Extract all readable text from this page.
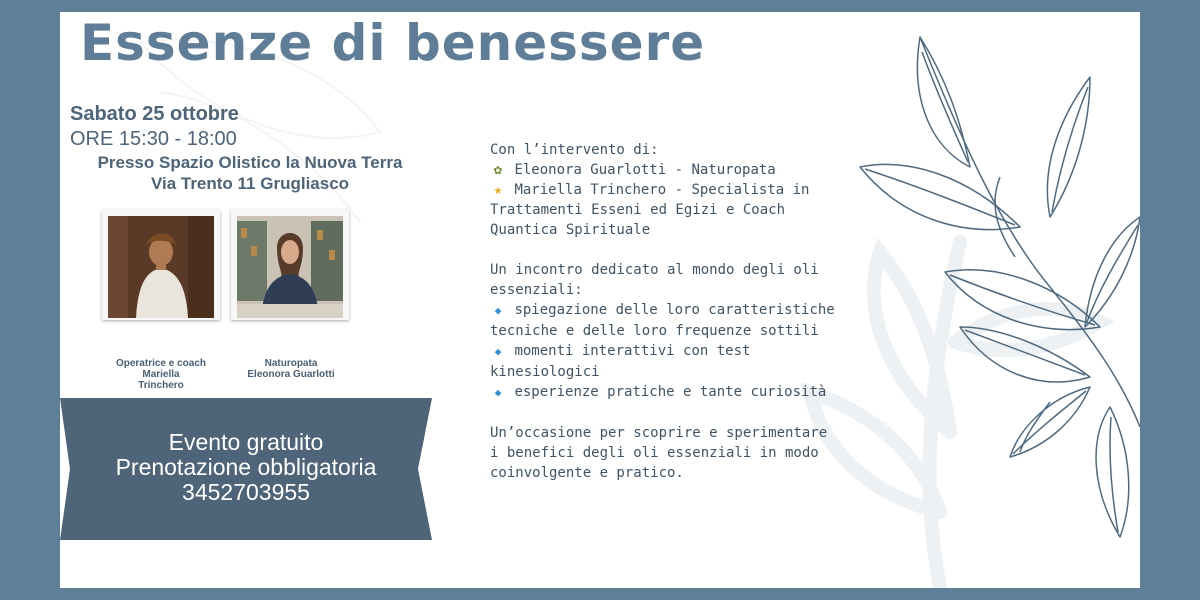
Essenze di benessere
Sabato 25 ottobre
ORE 15:30 - 18:00
Presso Spazio Olistico la Nuova Terra
Via Trento 11 Grugliasco
Operatrice e coach
Mariella
Trinchero
Naturopata
Eleonora Guarlotti
Evento gratuito
Prenotazione obbligatoria
3452703955

Con l’intervento di:

✿ Eleonora Guarlotti - Naturopata

★ Mariella Trinchero - Specialista in

Trattamenti Esseni ed Egizi e Coach

Quantica Spirituale

Un incontro dedicato al mondo degli oli

essenziali:

◆ spiegazione delle loro caratteristiche

tecniche e delle loro frequenze sottili

◆ momenti interattivi con test

kinesiologici

◆ esperienze pratiche e tante curiosità

Un’occasione per scoprire e sperimentare

i benefici degli oli essenziali in modo

coinvolgente e pratico.
